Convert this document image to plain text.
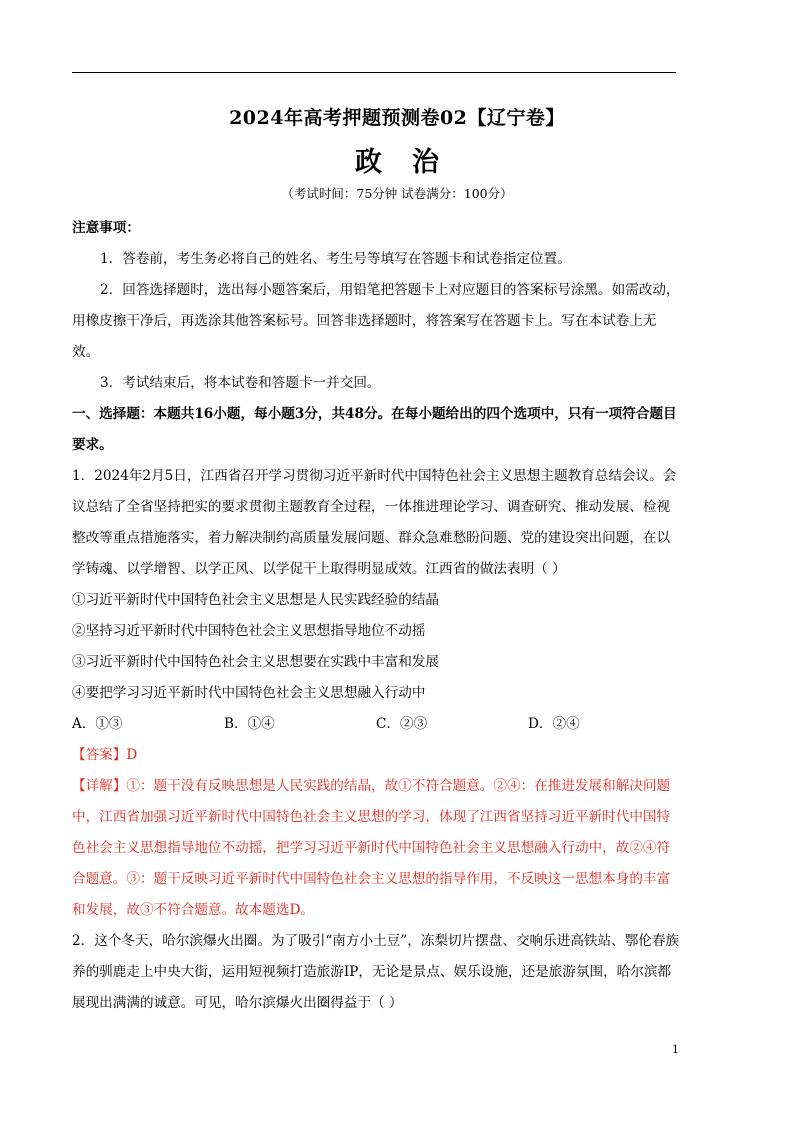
2024年高考押题预测卷02【辽宁卷】
政治
（考试时间：75分钟 试卷满分：100分）

注意事项：

1．答卷前，考生务必将自己的姓名、考生号等填写在答题卡和试卷指定位置。

2．回答选择题时，选出每小题答案后，用铅笔把答题卡上对应题目的答案标号涂黑。如需改动，用橡皮擦干净后，再选涂其他答案标号。回答非选择题时，将答案写在答题卡上。写在本试卷上无效。

3．考试结束后，将本试卷和答题卡一并交回。

一、选择题：本题共16小题，每小题3分，共48分。在每小题给出的四个选项中，只有一项符合题目要求。

1．2024年2月5日，江西省召开学习贯彻习近平新时代中国特色社会主义思想主题教育总结会议。会议总结了全省坚持把实的要求贯彻主题教育全过程，一体推进理论学习、调查研究、推动发展、检视整改等重点措施落实，着力解决制约高质量发展问题、群众急难愁盼问题、党的建设突出问题，在以学铸魂、以学增智、以学正风、以学促干上取得明显成效。江西省的做法表明（ ）

①习近平新时代中国特色社会主义思想是人民实践经验的结晶

②坚持习近平新时代中国特色社会主义思想指导地位不动摇

③习近平新时代中国特色社会主义思想要在实践中丰富和发展

④要把学习习近平新时代中国特色社会主义思想融入行动中

A．①③	B．①④	C．②③	D．②④

【答案】D

【详解】①：题干没有反映思想是人民实践的结晶，故①不符合题意。②④：在推进发展和解决问题中，江西省加强习近平新时代中国特色社会主义思想的学习，体现了江西省坚持习近平新时代中国特色社会主义思想指导地位不动摇，把学习习近平新时代中国特色社会主义思想融入行动中，故②④符合题意。③：题干反映习近平新时代中国特色社会主义思想的指导作用，不反映这一思想本身的丰富和发展，故③不符合题意。故本题选D。

2．这个冬天，哈尔滨爆火出圈。为了吸引“南方小土豆”，冻梨切片摆盘、交响乐进高铁站、鄂伦春族养的驯鹿走上中央大街，运用短视频打造旅游IP，无论是景点、娱乐设施，还是旅游氛围，哈尔滨都展现出满满的诚意。可见，哈尔滨爆火出圈得益于（ ）

1
